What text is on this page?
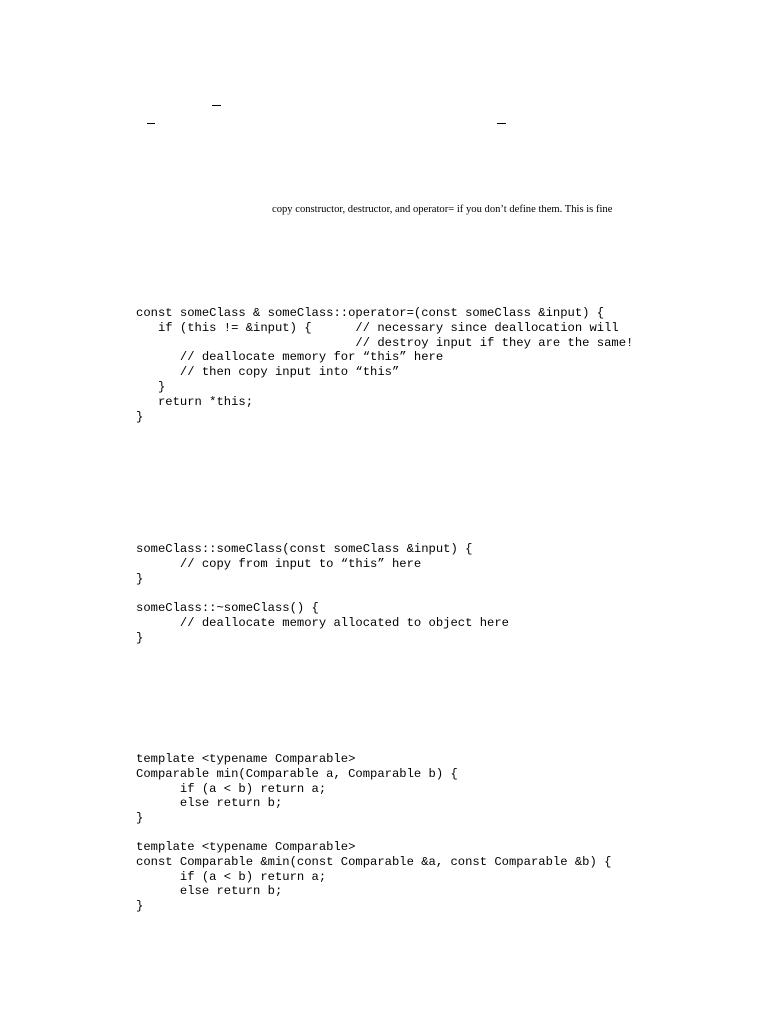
copy constructor, destructor, and operator= if you don’t define them. This is fine
const someClass & someClass::operator=(const someClass &input) {
if (this != &input) {      // necessary since deallocation will
// destroy input if they are the same!
// deallocate memory for “this” here
// then copy input into “this”
}
return *this;
}
someClass::someClass(const someClass &input) {
// copy from input to “this” here
}
someClass::~someClass() {
// deallocate memory allocated to object here
}
template <typename Comparable>
Comparable min(Comparable a, Comparable b) {
if (a < b) return a;
else return b;
}
template <typename Comparable>
const Comparable &min(const Comparable &a, const Comparable &b) {
if (a < b) return a;
else return b;
}
